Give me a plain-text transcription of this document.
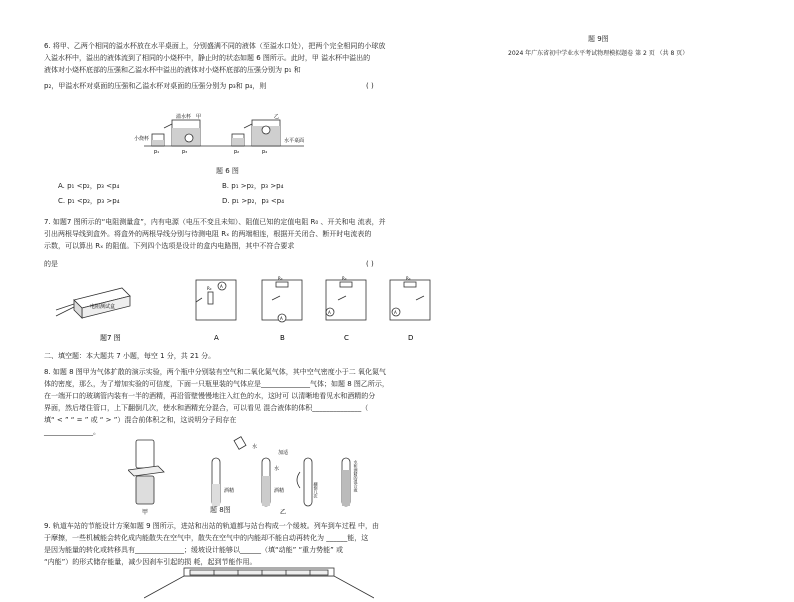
6. 将甲、乙两个相同的溢水杯放在水平桌面上，分别盛满不同的液体（至溢水口处），把两个完全相同的小球放
入溢水杯中，溢出的液体流到了相同的小烧杯中，静止时的状态如题 6 图所示。此时，甲 溢水杯中溢出的
液体对小烧杯底部的压强和乙溢水杯中溢出的液体对小烧杯底部的压强分别为 p₁ 和
p₂，甲溢水杯对桌面的压强和乙溢水杯对桌面的压强分别为 p₃和 p₄，则	( )
溢水杯 甲	乙
小烧杯	水平桌面
p₁	p₃	p₂	p₄
题 6 图
A. p₁ <p₂，p₃ <p₄	B. p₁ >p₂，p₃ >p₄
C. p₁ <p₂，p₃ >p₄	D. p₁ >p₂，p₃ <p₄
7. 如题7 图所示的“电阻测量盒”，内有电源（电压不变且未知）、阻值已知的定值电阻 R₀ 、开关和电 流表，并
引出两根导线到盒外。将盒外的两根导线分别与待测电阻 Rₓ 的两端相连，根据开关闭合、断开时电流表的
示数，可以算出 Rₓ 的阻值。下列四个选项是设计的盒内电路图，其中不符合要求
的是	( )
电阻测试盒
R₀ A
R₀
A
R₀
A
R₀
A
题7 图	A	B	C	D
二、填空题：本大题共 7 小题，每空 1 分，共 21 分。
8. 如题 8 图甲为气体扩散的演示实验，两个瓶中分别装有空气和二氧化氮气体，其中空气密度小于二 氧化氮气
体的密度，那么，为了增加实验的可信度，下面一只瓶里装的气体应是______________气体；如题 8 图乙所示，
在一端开口的玻璃管内装有一半的酒精，再沿管壁慢慢地注入红色的水，这时可 以清晰地看见水和酒精的分
界面，然后堵住管口，上下翻倒几次，使水和酒精充分混合，可以看见 混合液体的体积______________（
填“ < ” “ = ” 或 “ > ”）混合前体积之和，这说明分子间存在
______________。
水
加适
酒精
水
酒精	翻倒几次	水和酒精的混合液
甲	乙
题 8图
9. 轨道车站的节能设计方案如题 9 图所示，进站和出站的轨道都与站台构成一个缓坡。列车到车过程 中，由
于摩擦，一些机械能会转化成内能散失在空气中，散失在空气中的内能却不能自动再转化为 ______能，这
是因为能量的转化或转移具有______________；缓坡设计能够以______（填“动能” “重力势能” 或
“内能”）的形式储存能量，减少因刹车引起的损 耗，起到节能作用。
题 9图
2024 年广东省初中学业水平考试物理模拟题卷 第 2 页 （共 8 页）
